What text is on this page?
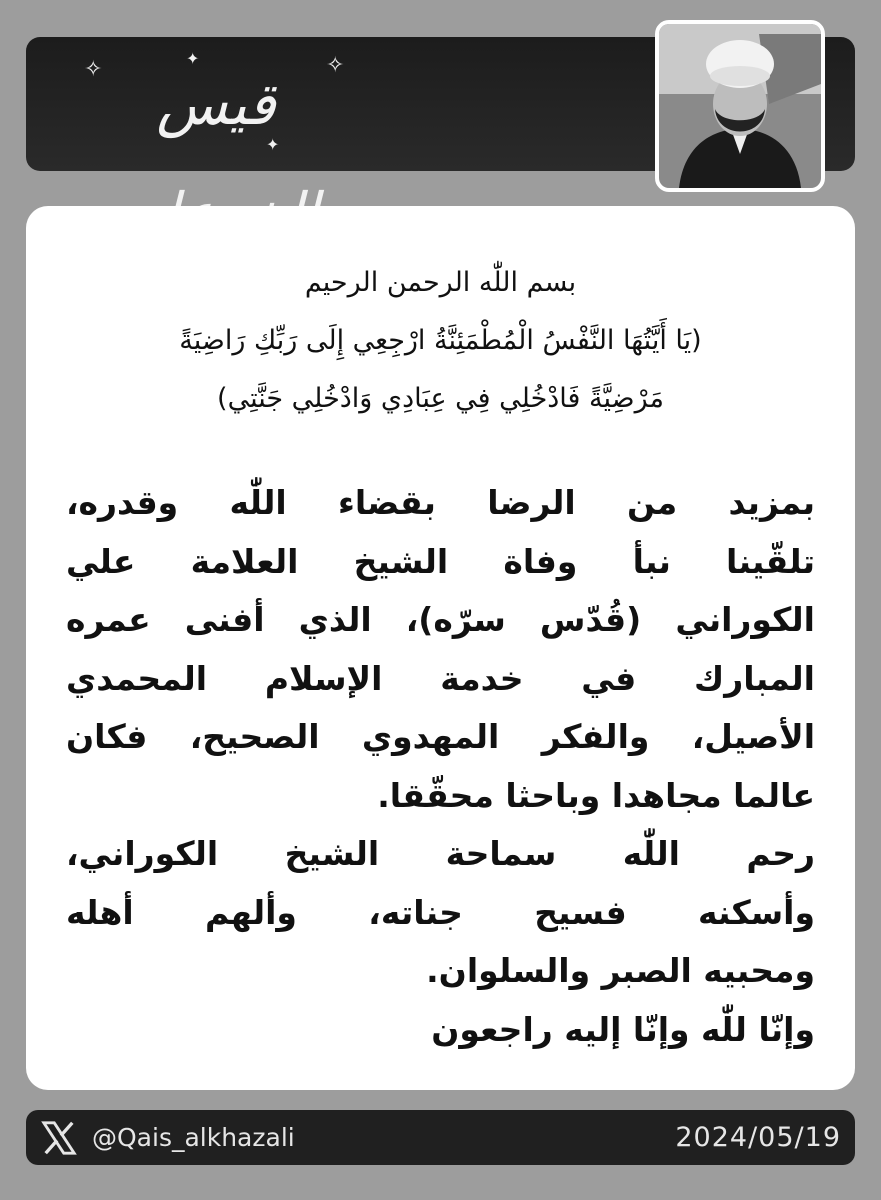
✧	✧
✦
✦
قيس
بسم اللّٰه الرحمن الرحيم
(يَا أَيَّتُهَا النَّفْسُ الْمُطْمَئِنَّةُ ارْجِعِي إِلَى رَبِّكِ رَاضِيَةً
مَرْضِيَّةً فَادْخُلِي فِي عِبَادِي وَادْخُلِي جَنَّتِي)
بمزيد من الرضا بقضاء اللّٰه وقدره،
تلقّينا نبأ وفاة الشيخ العلامة علي
الكوراني (قُدّس سرّه)، الذي أفنى عمره
المبارك في خدمة الإسلام المحمدي
الأصيل، والفكر المهدوي الصحيح، فكان
عالما مجاهدا وباحثا محقّقا.
رحم اللّٰه سماحة الشيخ الكوراني،
وأسكنه فسيح جناته، وألهم أهله
ومحبيه الصبر والسلوان.
وإنّا للّٰه وإنّا إليه راجعون
@Qais_alkhazali	2024/05/19
